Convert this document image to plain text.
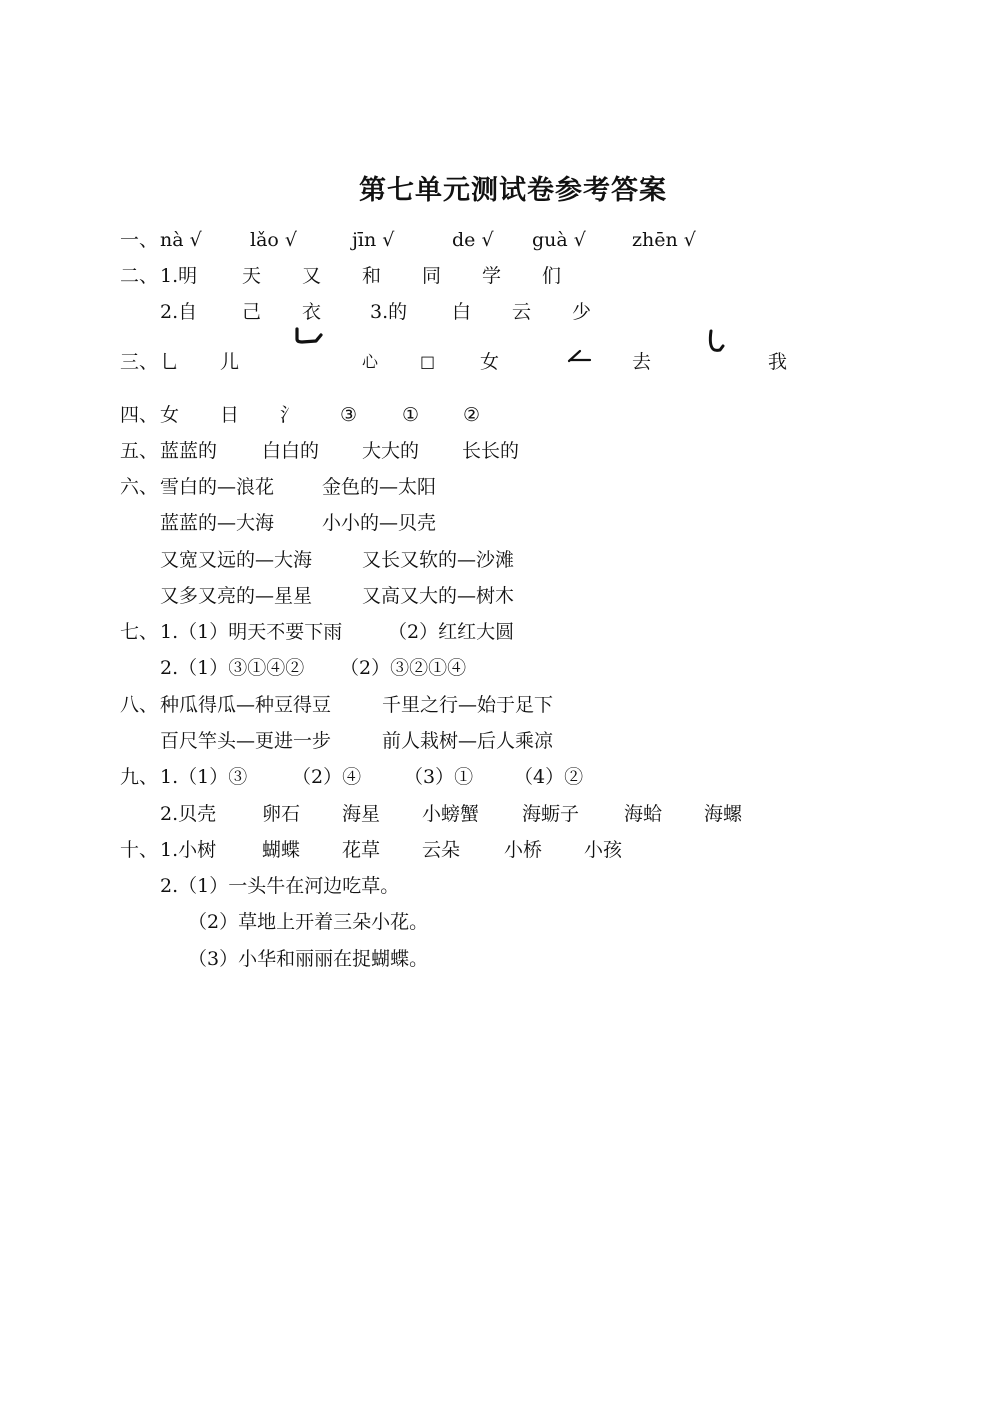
第七单元测试卷参考答案
一、 nà √	lǎo √	jīn √	de √ guà √ zhēn √
二、 1.明 天 又 和 同 学 们
2.自 己 衣	3.的 白 云 少
三、 乚 儿	心	□ 女	去	我
四、 女 日 氵 ③ ① ②
五、 蓝蓝的 白白的 大大的 长长的
六、 雪白的—浪花	金色的—太阳
蓝蓝的—大海	小小的—贝壳
又宽又远的—大海	又长又软的—沙滩
又多又亮的—星星	又高又大的—树木
七、 1.（1）明天不要下雨 （2）红红大圆
2.（1）③①④② （2）③②①④
八、 种瓜得瓜—种豆得豆	千里之行—始于足下
百尺竿头—更进一步	前人栽树—后人乘凉
九、 1.（1）③ （2）④ （3）① （4）②
2.贝壳 卵石 海星 小螃蟹 海蛎子 海蛤 海螺
十、 1.小树 蝴蝶 花草 云朵 小桥 小孩
2.（1）一头牛在河边吃草。
（2）草地上开着三朵小花。
（3）小华和丽丽在捉蝴蝶。
